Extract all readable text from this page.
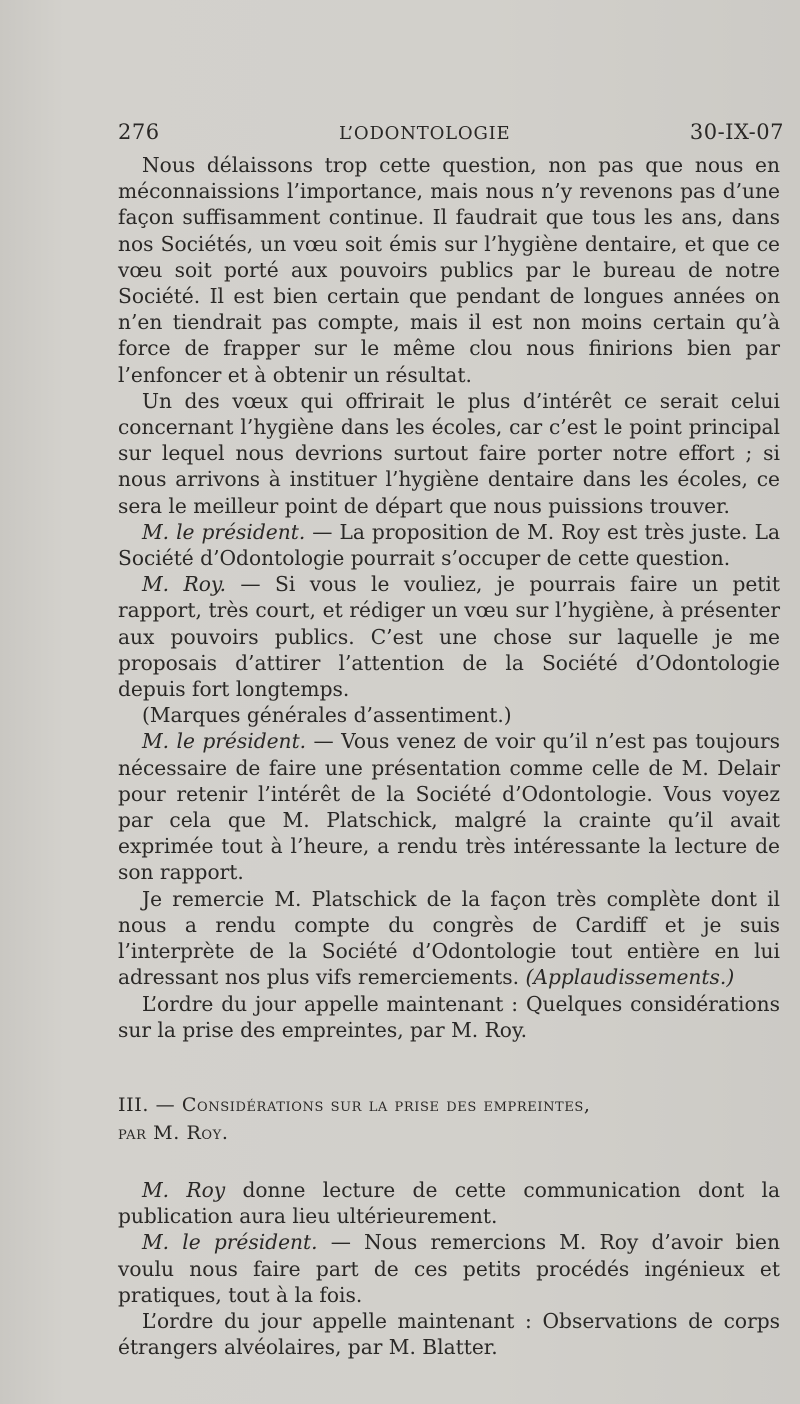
276	L’ODONTOLOGIE	30-IX-07

Nous délaissons trop cette question, non pas que nous en méconnaissions l’importance, mais nous n’y revenons pas d’une façon suffisamment continue. Il faudrait que tous les ans, dans nos Sociétés, un vœu soit émis sur l’hygiène dentaire, et que ce vœu soit porté aux pouvoirs publics par le bureau de notre Société. Il est bien certain que pendant de longues années on n’en tiendrait pas compte, mais il est non moins certain qu’à force de frapper sur le même clou nous finirions bien par l’enfoncer et à obtenir un résultat.

Un des vœux qui offrirait le plus d’intérêt ce serait celui concernant l’hygiène dans les écoles, car c’est le point principal sur lequel nous devrions surtout faire porter notre effort ; si nous arrivons à instituer l’hygiène dentaire dans les écoles, ce sera le meilleur point de départ que nous puissions trouver.

M. le président. — La proposition de M. Roy est très juste. La Société d’Odontologie pourrait s’occuper de cette question.

M. Roy. — Si vous le vouliez, je pourrais faire un petit rapport, très court, et rédiger un vœu sur l’hygiène, à présenter aux pouvoirs publics. C’est une chose sur laquelle je me proposais d’attirer l’attention de la Société d’Odontologie depuis fort longtemps.

(Marques générales d’assentiment.)

M. le président. — Vous venez de voir qu’il n’est pas toujours nécessaire de faire une présentation comme celle de M. Delair pour retenir l’intérêt de la Société d’Odontologie. Vous voyez par cela que M. Platschick, malgré la crainte qu’il avait exprimée tout à l’heure, a rendu très intéressante la lecture de son rapport.

Je remercie M. Platschick de la façon très complète dont il nous a rendu compte du congrès de Cardiff et je suis l’interprète de la Société d’Odontologie tout entière en lui adressant nos plus vifs remerciements. (Applaudissements.)

L’ordre du jour appelle maintenant : Quelques considérations sur la prise des empreintes, par M. Roy.

III. — Considérations sur la prise des empreintes,
par M. Roy.

M. Roy donne lecture de cette communication dont la publication aura lieu ultérieurement.

M. le président. — Nous remercions M. Roy d’avoir bien voulu nous faire part de ces petits procédés ingénieux et pratiques, tout à la fois.

L’ordre du jour appelle maintenant : Observations de corps étrangers alvéolaires, par M. Blatter.
